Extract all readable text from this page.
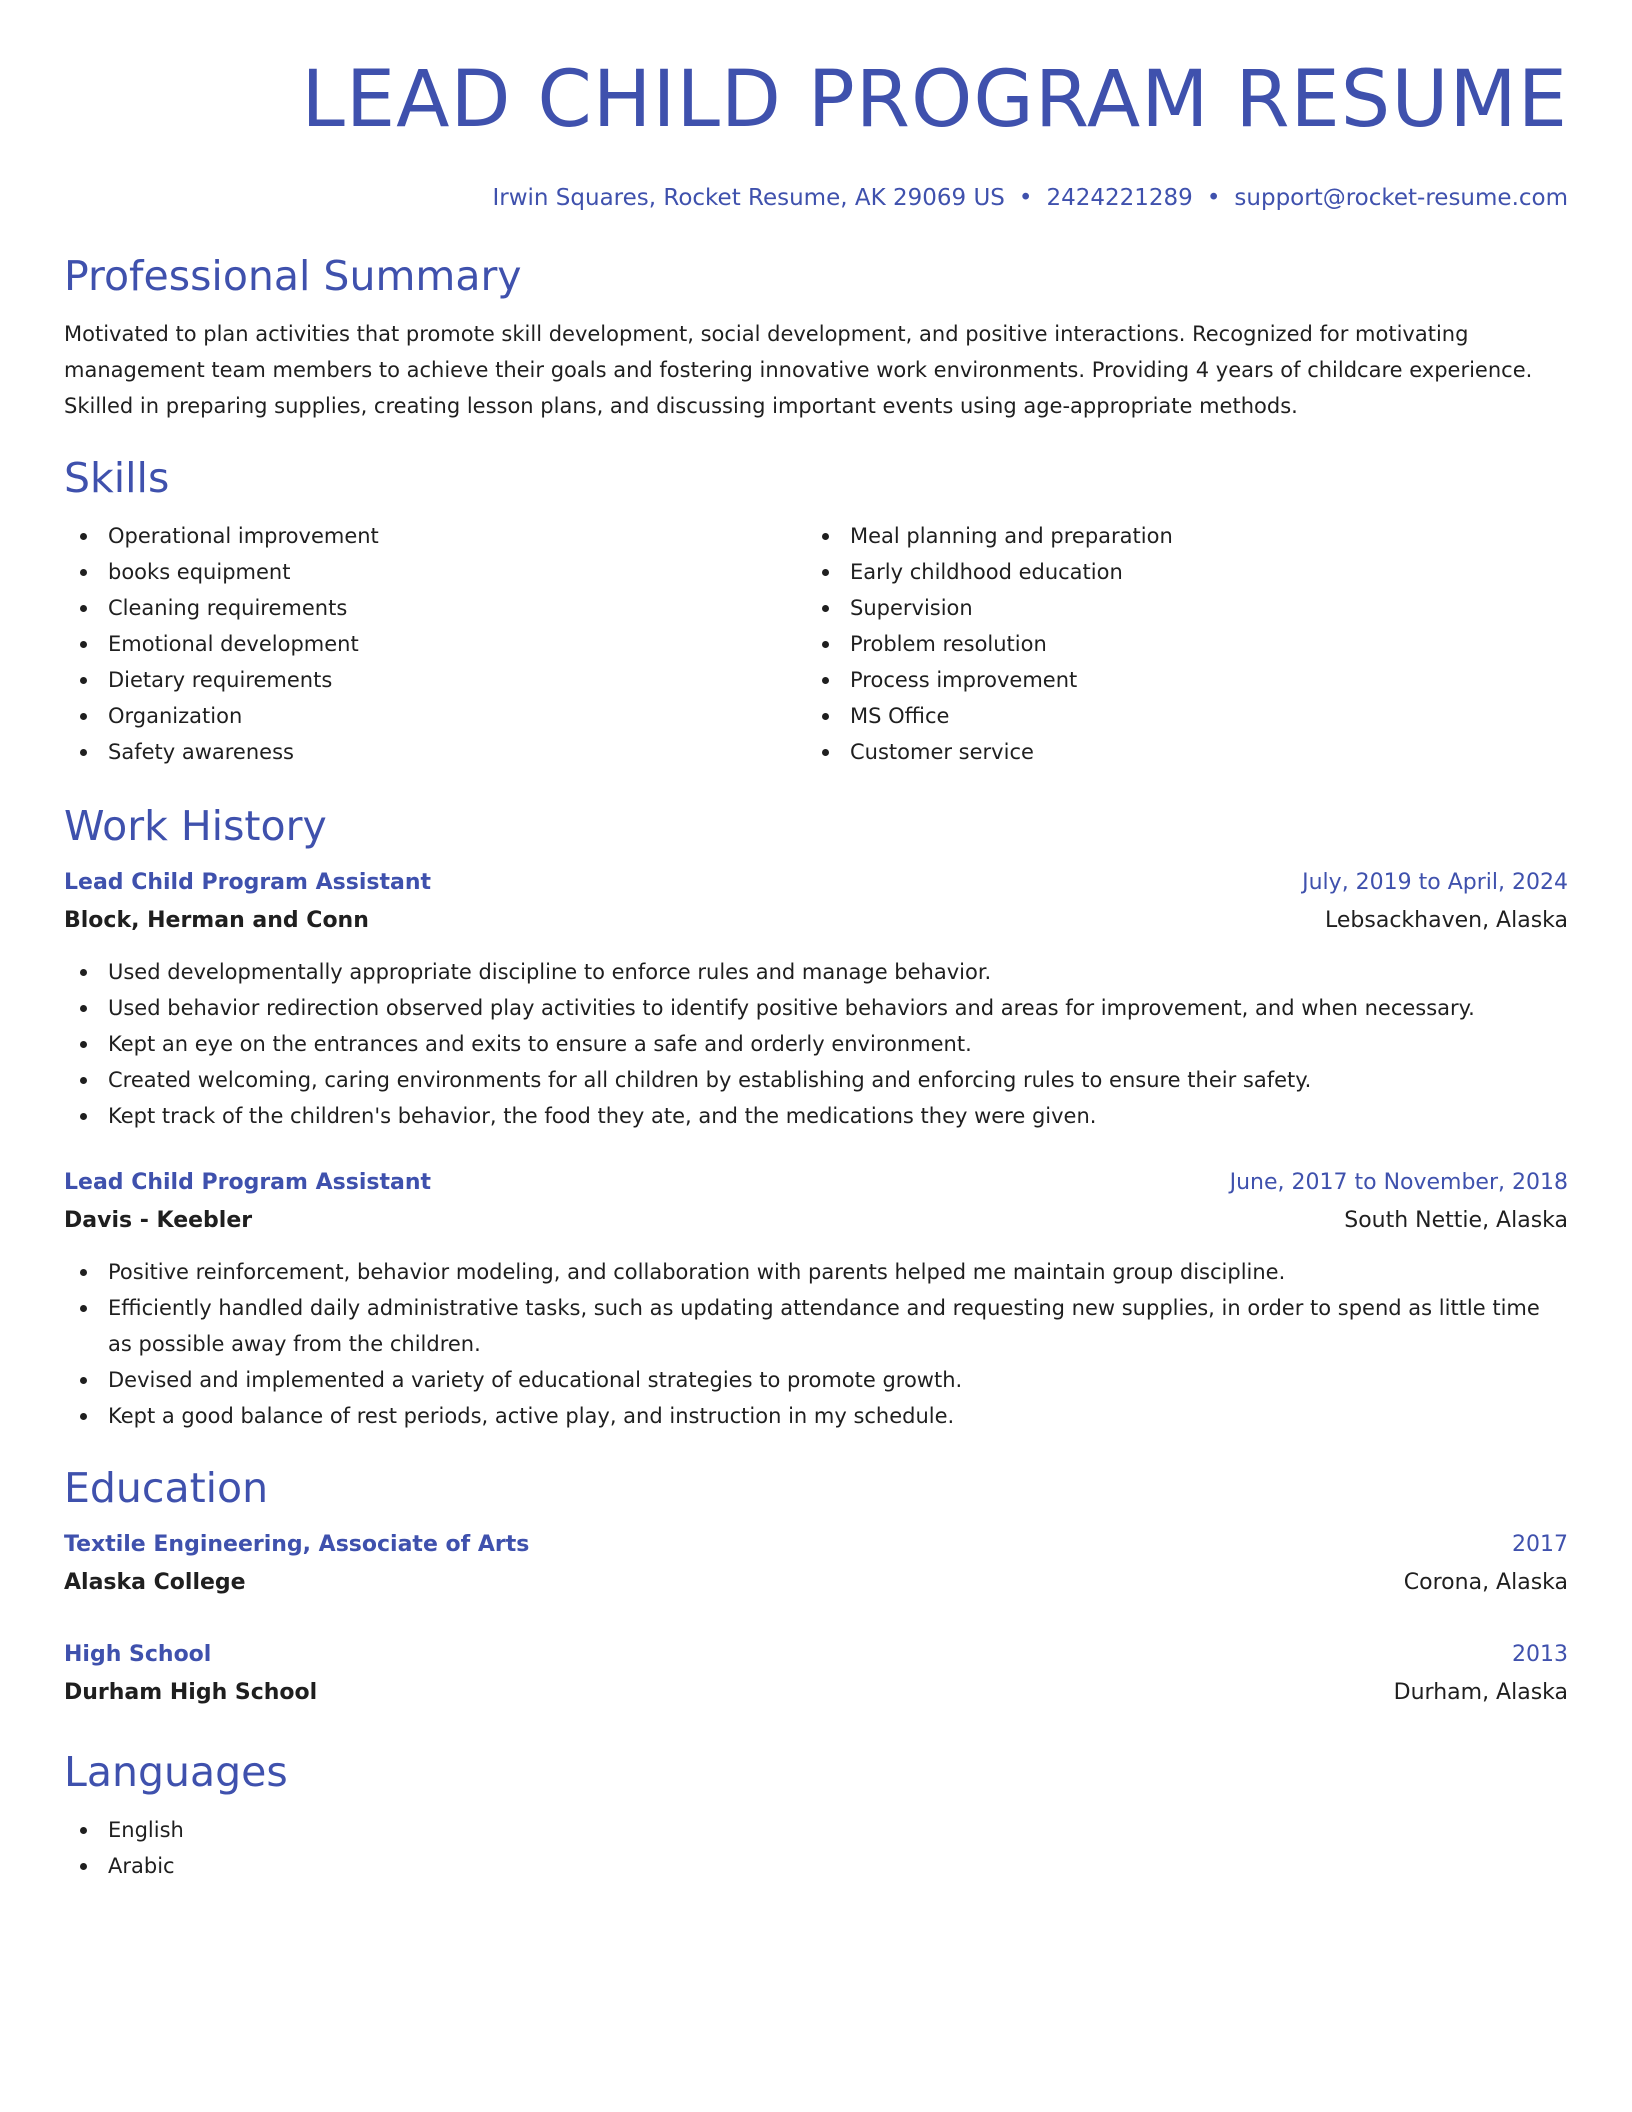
LEAD CHILD PROGRAM RESUME
Irwin Squares, Rocket Resume, AK 29069 US • 2424221289 • support@rocket-resume.com
Professional Summary

Motivated to plan activities that promote skill development, social development, and positive interactions. Recognized for motivating management team members to achieve their goals and fostering innovative work environments. Providing 4 years of childcare experience. Skilled in preparing supplies, creating lesson plans, and discussing important events using age-appropriate methods.

Skills
Operational improvement
books equipment
Cleaning requirements
Emotional development
Dietary requirements
Organization
Safety awareness
Meal planning and preparation
Early childhood education
Supervision
Problem resolution
Process improvement
MS Office
Customer service
Work History
Lead Child Program Assistant	July, 2019 to April, 2024
Block, Herman and Conn	Lebsackhaven, Alaska
Used developmentally appropriate discipline to enforce rules and manage behavior.
Used behavior redirection observed play activities to identify positive behaviors and areas for improvement, and when necessary.
Kept an eye on the entrances and exits to ensure a safe and orderly environment.
Created welcoming, caring environments for all children by establishing and enforcing rules to ensure their safety.
Kept track of the children's behavior, the food they ate, and the medications they were given.
Lead Child Program Assistant	June, 2017 to November, 2018
Davis - Keebler	South Nettie, Alaska
Positive reinforcement, behavior modeling, and collaboration with parents helped me maintain group discipline.
Efficiently handled daily administrative tasks, such as updating attendance and requesting new supplies, in order to spend as little time as possible away from the children.
Devised and implemented a variety of educational strategies to promote growth.
Kept a good balance of rest periods, active play, and instruction in my schedule.
Education
Textile Engineering, Associate of Arts	2017
Alaska College	Corona, Alaska
High School	2013
Durham High School	Durham, Alaska
Languages
English
Arabic
